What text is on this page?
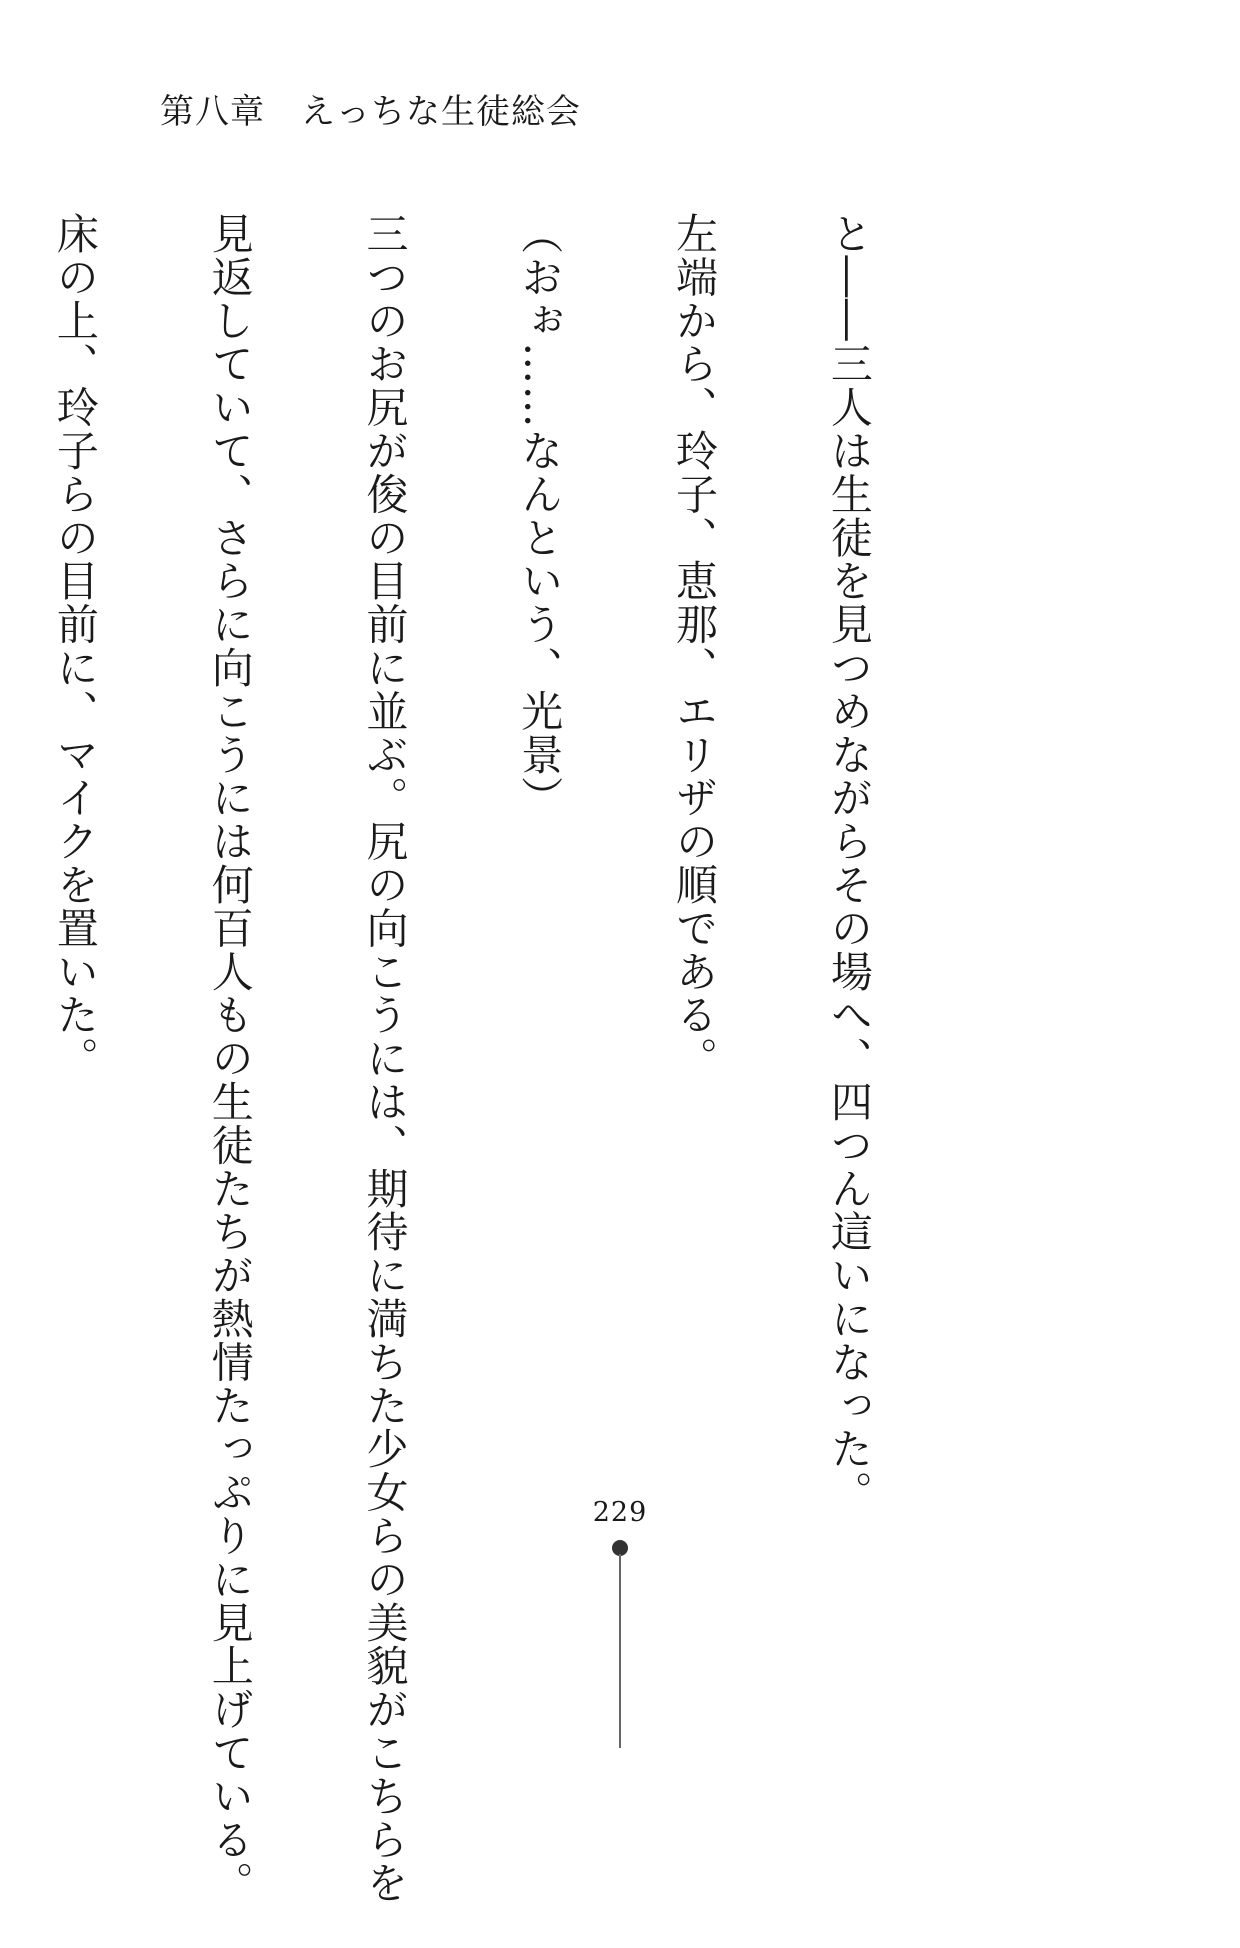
第八章 えっちな生徒総会

と――三人は生徒を見つめながらその場へ、四つん這いになった。

左端から、玲子、恵那、エリザの順である。

（おぉ……なんという、光景）

三つのお尻が俊の目前に並ぶ。尻の向こうには、期待に満ちた少女らの美貌がこちらを

見返していて、さらに向こうには何百人もの生徒たちが熱情たっぷりに見上げている。

床の上、玲子らの目前に、マイクを置いた。

229
